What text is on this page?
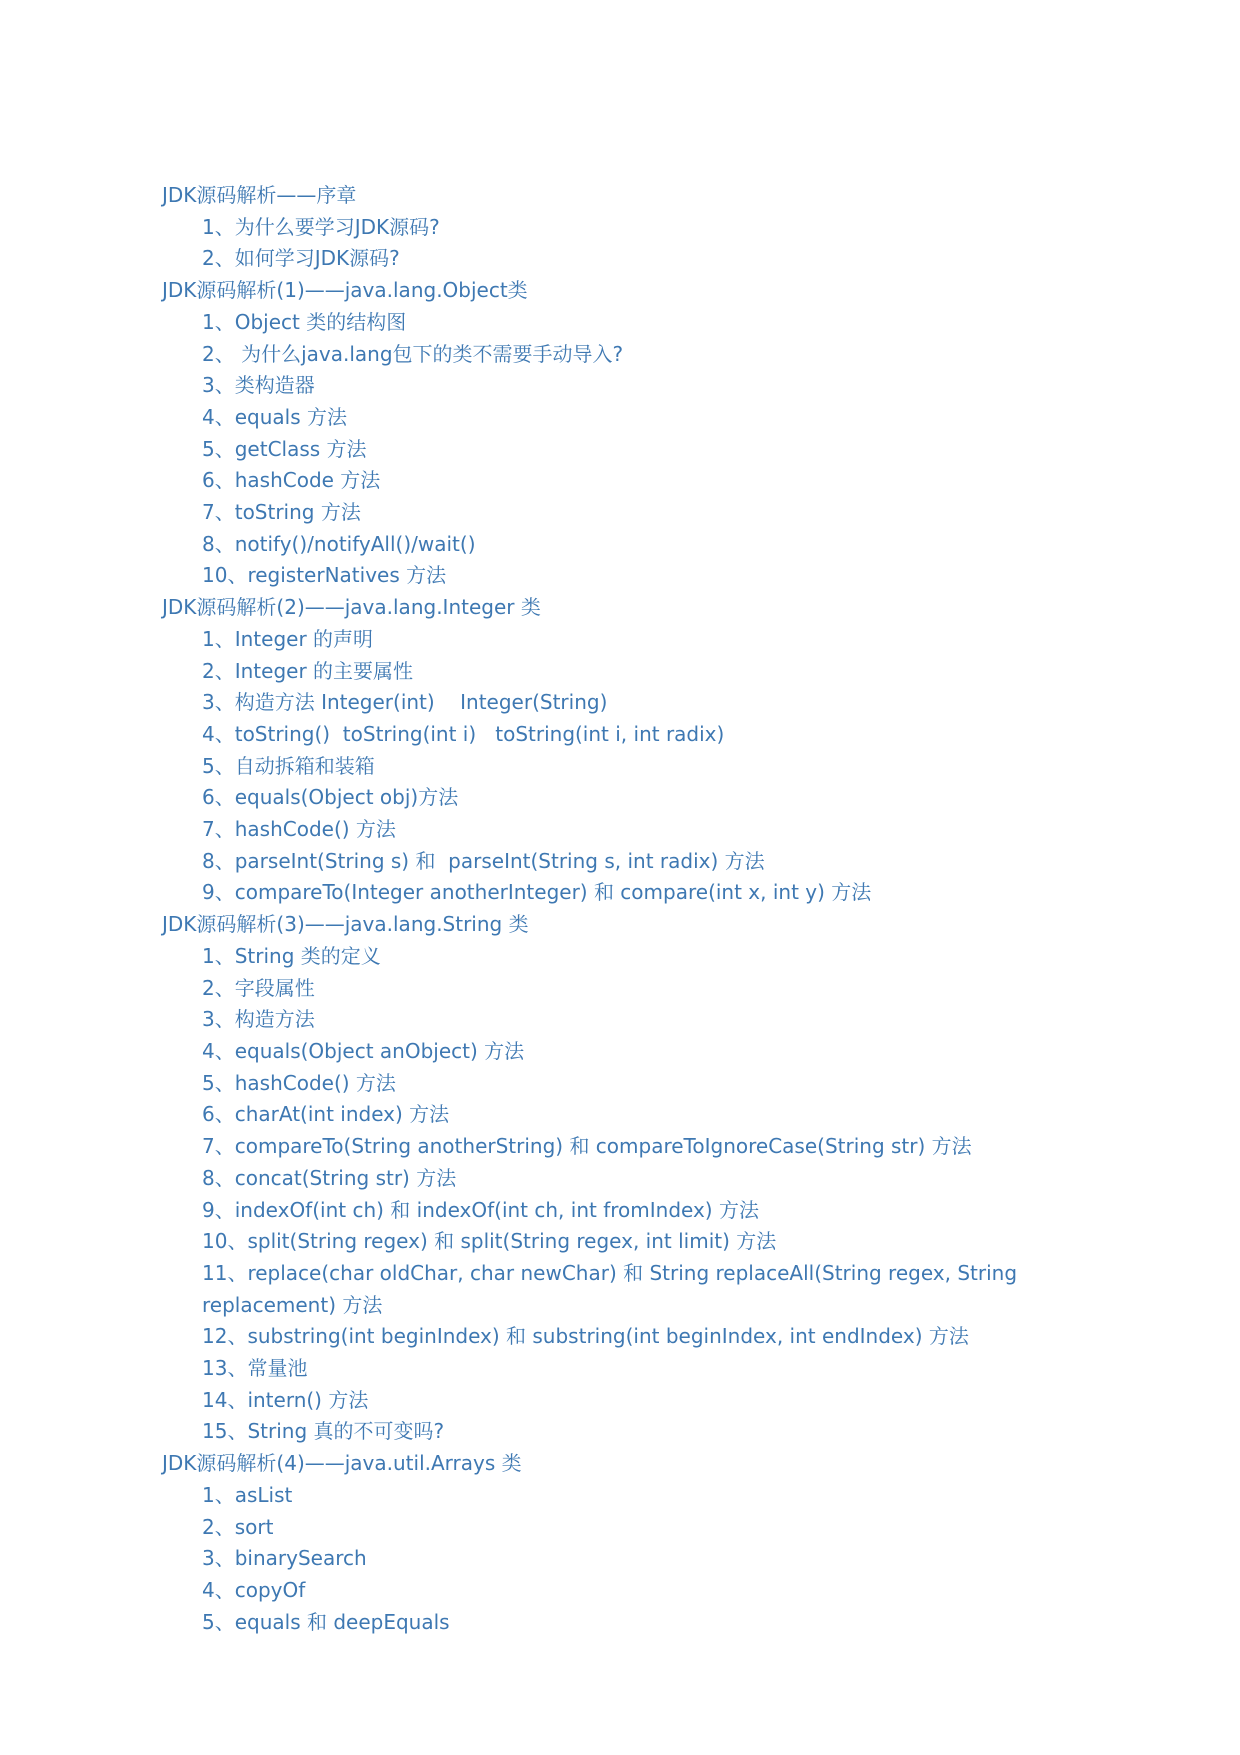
JDK源码解析——序章
1、为什么要学习JDK源码?
2、如何学习JDK源码?
JDK源码解析(1)——java.lang.Object类
1、Object 类的结构图
2、 为什么java.lang包下的类不需要手动导入?
3、类构造器
4、equals 方法
5、getClass 方法
6、hashCode 方法
7、toString 方法
8、notify()/notifyAll()/wait()
10、registerNatives 方法
JDK源码解析(2)——java.lang.Integer 类
1、Integer 的声明
2、Integer 的主要属性
3、构造方法 Integer(int)    Integer(String)
4、toString()  toString(int i)   toString(int i, int radix)
5、自动拆箱和装箱
6、equals(Object obj)方法
7、hashCode() 方法
8、parseInt(String s) 和  parseInt(String s, int radix) 方法
9、compareTo(Integer anotherInteger) 和 compare(int x, int y) 方法
JDK源码解析(3)——java.lang.String 类
1、String 类的定义
2、字段属性
3、构造方法
4、equals(Object anObject) 方法
5、hashCode() 方法
6、charAt(int index) 方法
7、compareTo(String anotherString) 和 compareToIgnoreCase(String str) 方法
8、concat(String str) 方法
9、indexOf(int ch) 和 indexOf(int ch, int fromIndex) 方法
10、split(String regex) 和 split(String regex, int limit) 方法
11、replace(char oldChar, char newChar) 和 String replaceAll(String regex, String replacement) 方法
12、substring(int beginIndex) 和 substring(int beginIndex, int endIndex) 方法
13、常量池
14、intern() 方法
15、String 真的不可变吗?
JDK源码解析(4)——java.util.Arrays 类
1、asList
2、sort
3、binarySearch
4、copyOf
5、equals 和 deepEquals
